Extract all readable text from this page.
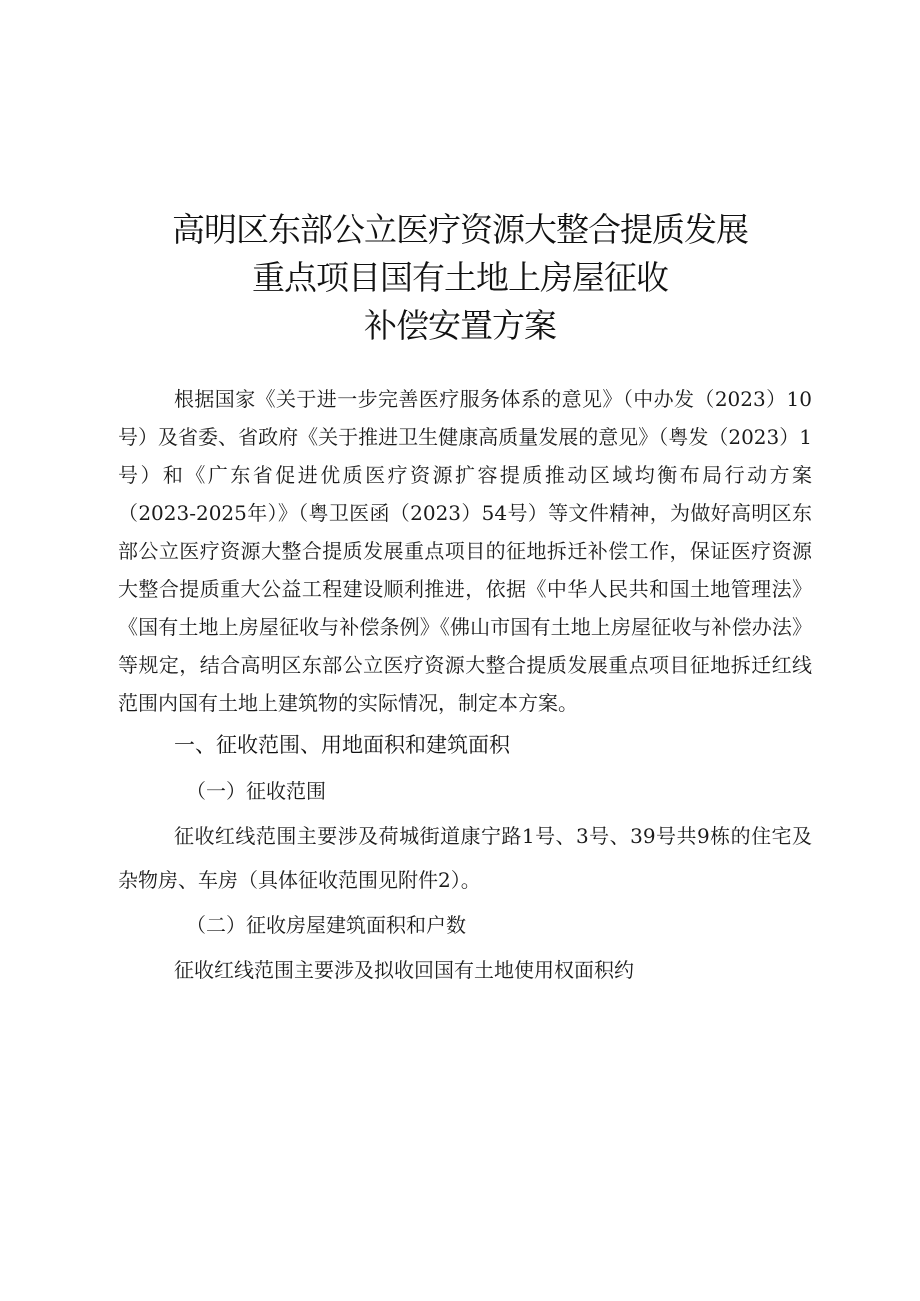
高明区东部公立医疗资源大整合提质发展
重点项目国有土地上房屋征收
补偿安置方案

根据国家《关于进一步完善医疗服务体系的意见》（中办发（2023）10号）及省委、省政府《关于推进卫生健康高质量发展的意见》（粤发（2023）1号）和《广东省促进优质医疗资源扩容提质推动区域均衡布局行动方案（2023-2025年）》（粤卫医函（2023）54号）等文件精神，为做好高明区东部公立医疗资源大整合提质发展重点项目的征地拆迁补偿工作，保证医疗资源大整合提质重大公益工程建设顺利推进，依据《中华人民共和国土地管理法》《国有土地上房屋征收与补偿条例》《佛山市国有土地上房屋征收与补偿办法》等规定，结合高明区东部公立医疗资源大整合提质发展重点项目征地拆迁红线范围内国有土地上建筑物的实际情况，制定本方案。

一、征收范围、用地面积和建筑面积

（一）征收范围

征收红线范围主要涉及荷城街道康宁路1号、3号、39号共9栋的住宅及杂物房、车房（具体征收范围见附件2）。

（二）征收房屋建筑面积和户数

征收红线范围主要涉及拟收回国有土地使用权面积约
